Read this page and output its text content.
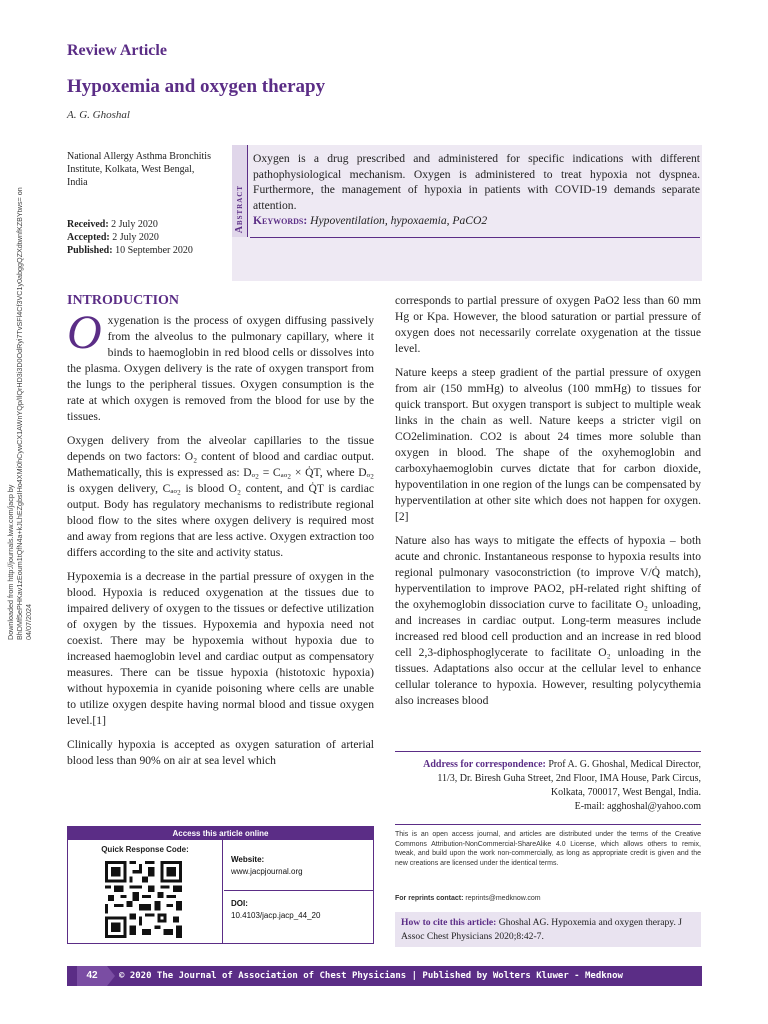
Review Article
Hypoxemia and oxygen therapy
A. G. Ghoshal
Downloaded from http://journals.lww.com/jacp by BhDMf5ePHKav1zEoum1tQfN4a+kJLhEZgbsIHo4XMi0hCywCX1AWnYQp/IlQrHD3i3D0OdRyi7TvSFl4Cf3VC1y0abggQZXdtwnfKZBYtws= on 04/07/2024
National Allergy Asthma Bronchitis Institute, Kolkata, West Bengal, India
Received: 2 July 2020
Accepted: 2 July 2020
Published: 10 September 2020
Abstract
Oxygen is a drug prescribed and administered for specific indications with different pathophysiological mechanism. Oxygen is administered to treat hypoxia not dyspnea. Furthermore, the management of hypoxia in patients with COVID-19 demands separate attention.
Keywords: Hypoventilation, hypoxaemia, PaCO2
INTRODUCTION

Oxygenation is the process of oxygen diffusing passively from the alveolus to the pulmonary capillary, where it binds to haemoglobin in red blood cells or dissolves into the plasma. Oxygen delivery is the rate of oxygen transport from the lungs to the peripheral tissues. Oxygen consumption is the rate at which oxygen is removed from the blood for use by the tissues.

Oxygen delivery from the alveolar capillaries to the tissue depends on two factors: O₂ content of blood and cardiac output. Mathematically, this is expressed as: Dₒ₂ = Cₐₒ₂ × Q̇T, where Dₒ₂ is oxygen delivery, Cₐₒ₂ is blood O₂ content, and Q̇T is cardiac output. Body has regulatory mechanisms to redistribute regional blood flow to the sites where oxygen delivery is required most and away from regions that are less active. Oxygen extraction too differs according to the site and activity status.

Hypoxemia is a decrease in the partial pressure of oxygen in the blood. Hypoxia is reduced oxygenation at the tissues due to impaired delivery of oxygen to the tissues or defective utilization of oxygen by the tissues. Hypoxemia and hypoxia need not coexist. There may be hypoxemia without hypoxia due to increased haemoglobin level and cardiac output as compensatory measures. There can be tissue hypoxia (histotoxic hypoxia) without hypoxemia in cyanide poisoning where cells are unable to utilize oxygen despite having normal blood and tissue oxygen level.[1]

Clinically hypoxia is accepted as oxygen saturation of arterial blood less than 90% on air at sea level which

corresponds to partial pressure of oxygen PaO2 less than 60 mm Hg or Kpa. However, the blood saturation or partial pressure of oxygen does not necessarily correlate oxygenation at the tissue level.

Nature keeps a steep gradient of the partial pressure of oxygen from air (150 mmHg) to alveolus (100 mmHg) to tissues for quick transport. But oxygen transport is subject to multiple weak links in the chain as well. Nature keeps a stricter vigil on CO2elimination. CO2 is about 24 times more soluble than oxygen in blood. The shape of the oxyhemoglobin and carboxyhaemoglobin curves dictate that for carbon dioxide, hypoventilation in one region of the lungs can be compensated by hyperventilation at other site which does not happen for oxygen.[2]

Nature also has ways to mitigate the effects of hypoxia – both acute and chronic. Instantaneous response to hypoxia results into regional pulmonary vasoconstriction (to improve V/Q̇ match), hyperventilation to improve PAO2, pH-related right shifting of the oxyhemoglobin dissociation curve to facilitate O₂ unloading, and increases in cardiac output. Long-term measures include increased red blood cell production and an increase in red blood cell 2,3-diphosphoglycerate to facilitate O₂ unloading in the tissues. Adaptations also occur at the cellular level to enhance cellular tolerance to hypoxia. However, resulting polycythemia also increases blood

Address for correspondence: Prof A. G. Ghoshal, Medical Director,
11/3, Dr. Biresh Guha Street, 2nd Floor, IMA House, Park Circus,
Kolkata, 700017, West Bengal, India.
E-mail: agghoshal@yahoo.com
Access this article online
Quick Response Code:
Website:
www.jacpjournal.org
DOI:
10.4103/jacp.jacp_44_20
This is an open access journal, and articles are distributed under the terms of the Creative Commons Attribution-NonCommercial-ShareAlike 4.0 License, which allows others to remix, tweak, and build upon the work non-commercially, as long as appropriate credit is given and the new creations are licensed under the identical terms.
For reprints contact: reprints@medknow.com
How to cite this article: Ghoshal AG. Hypoxemia and oxygen therapy. J Assoc Chest Physicians 2020;8:42-7.
42	© 2020 The Journal of Association of Chest Physicians | Published by Wolters Kluwer - Medknow
